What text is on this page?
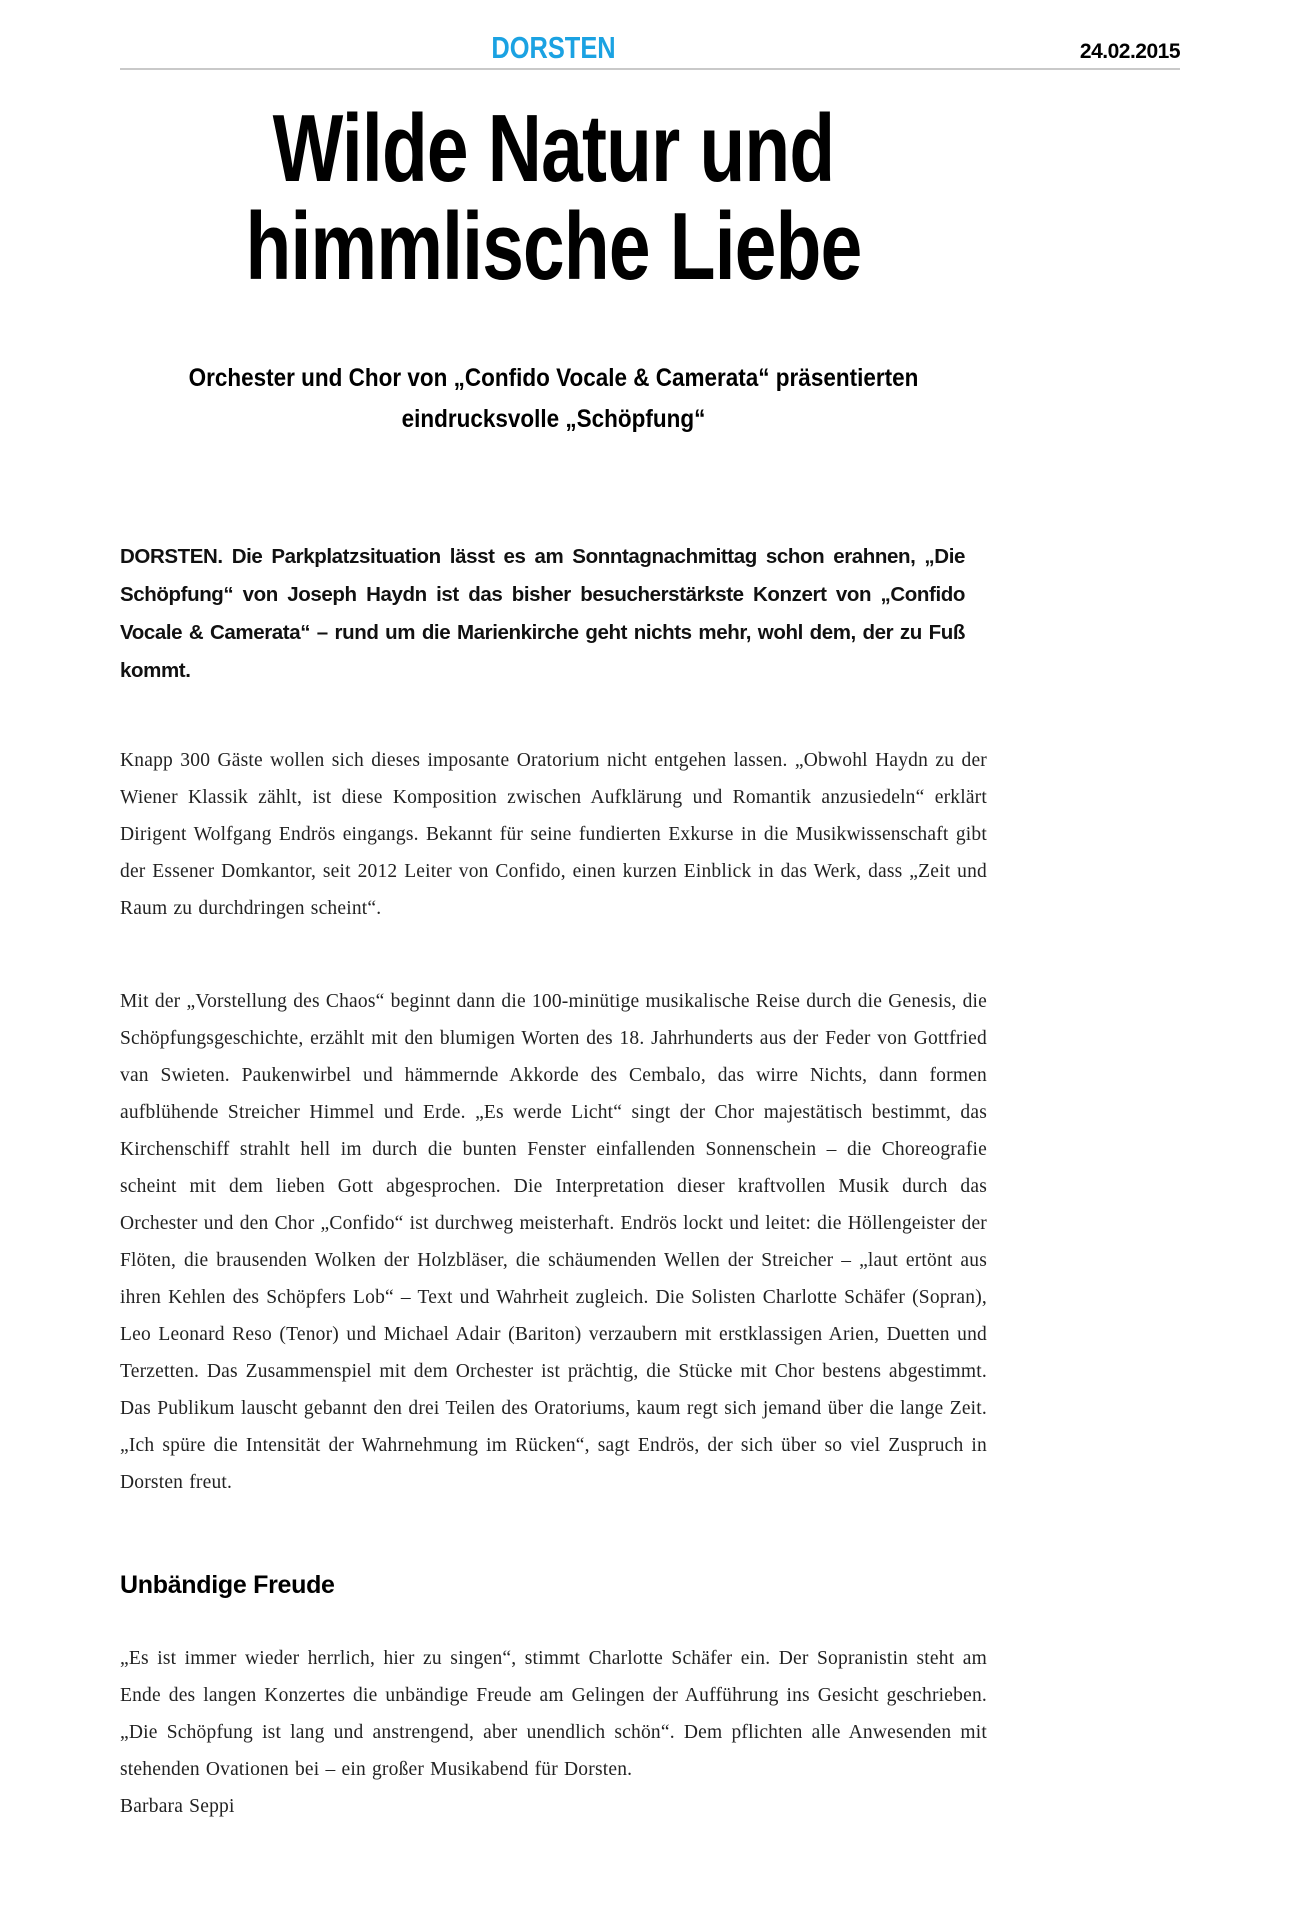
DORSTEN	24.02.2015
Wilde Natur und himmlische Liebe
Orchester und Chor von „Confido Vocale & Camerata“ präsentierten eindrucksvolle „Schöpfung“

DORSTEN. Die Parkplatzsituation lässt es am Sonntagnachmittag schon erahnen, „Die Schöpfung“ von Joseph Haydn ist das bisher besucherstärkste Konzert von „Confido Vocale & Camerata“ – rund um die Marienkirche geht nichts mehr, wohl dem, der zu Fuß kommt.

Knapp 300 Gäste wollen sich dieses imposante Oratorium nicht entgehen lassen. „Obwohl Haydn zu der Wiener Klassik zählt, ist diese Komposition zwischen Aufklärung und Romantik anzusiedeln“ erklärt Dirigent Wolfgang Endrös eingangs. Bekannt für seine fundierten Exkurse in die Musikwissenschaft gibt der Essener Domkantor, seit 2012 Leiter von Confido, einen kurzen Einblick in das Werk, dass „Zeit und Raum zu durchdringen scheint“.

Mit der „Vorstellung des Chaos“ beginnt dann die 100-minütige musikalische Reise durch die Genesis, die Schöpfungsgeschichte, erzählt mit den blumigen Worten des 18. Jahrhunderts aus der Feder von Gottfried van Swieten. Paukenwirbel und hämmernde Akkorde des Cembalo, das wirre Nichts, dann formen aufblühende Streicher Himmel und Erde. „Es werde Licht“ singt der Chor majestätisch bestimmt, das Kirchenschiff strahlt hell im durch die bunten Fenster einfallenden Sonnenschein – die Choreografie scheint mit dem lieben Gott abgesprochen. Die Interpretation dieser kraftvollen Musik durch das Orchester und den Chor „Confido“ ist durchweg meisterhaft. Endrös lockt und leitet: die Höllengeister der Flöten, die brausenden Wolken der Holzbläser, die schäumenden Wellen der Streicher – „laut ertönt aus ihren Kehlen des Schöpfers Lob“ – Text und Wahrheit zugleich. Die Solisten Charlotte Schäfer (Sopran), Leo Leonard Reso (Tenor) und Michael Adair (Bariton) verzaubern mit erstklassigen Arien, Duetten und Terzetten. Das Zusammenspiel mit dem Orchester ist prächtig, die Stücke mit Chor bestens abgestimmt. Das Publikum lauscht gebannt den drei Teilen des Oratoriums, kaum regt sich jemand über die lange Zeit. „Ich spüre die Intensität der Wahrnehmung im Rücken“, sagt Endrös, der sich über so viel Zuspruch in Dorsten freut.

Unbändige Freude

„Es ist immer wieder herrlich, hier zu singen“, stimmt Charlotte Schäfer ein. Der Sopranistin steht am Ende des langen Konzertes die unbändige Freude am Gelingen der Aufführung ins Gesicht geschrieben. „Die Schöpfung ist lang und anstrengend, aber unendlich schön“. Dem pflichten alle Anwesenden mit stehenden Ovationen bei – ein großer Musikabend für Dorsten.

Barbara Seppi
